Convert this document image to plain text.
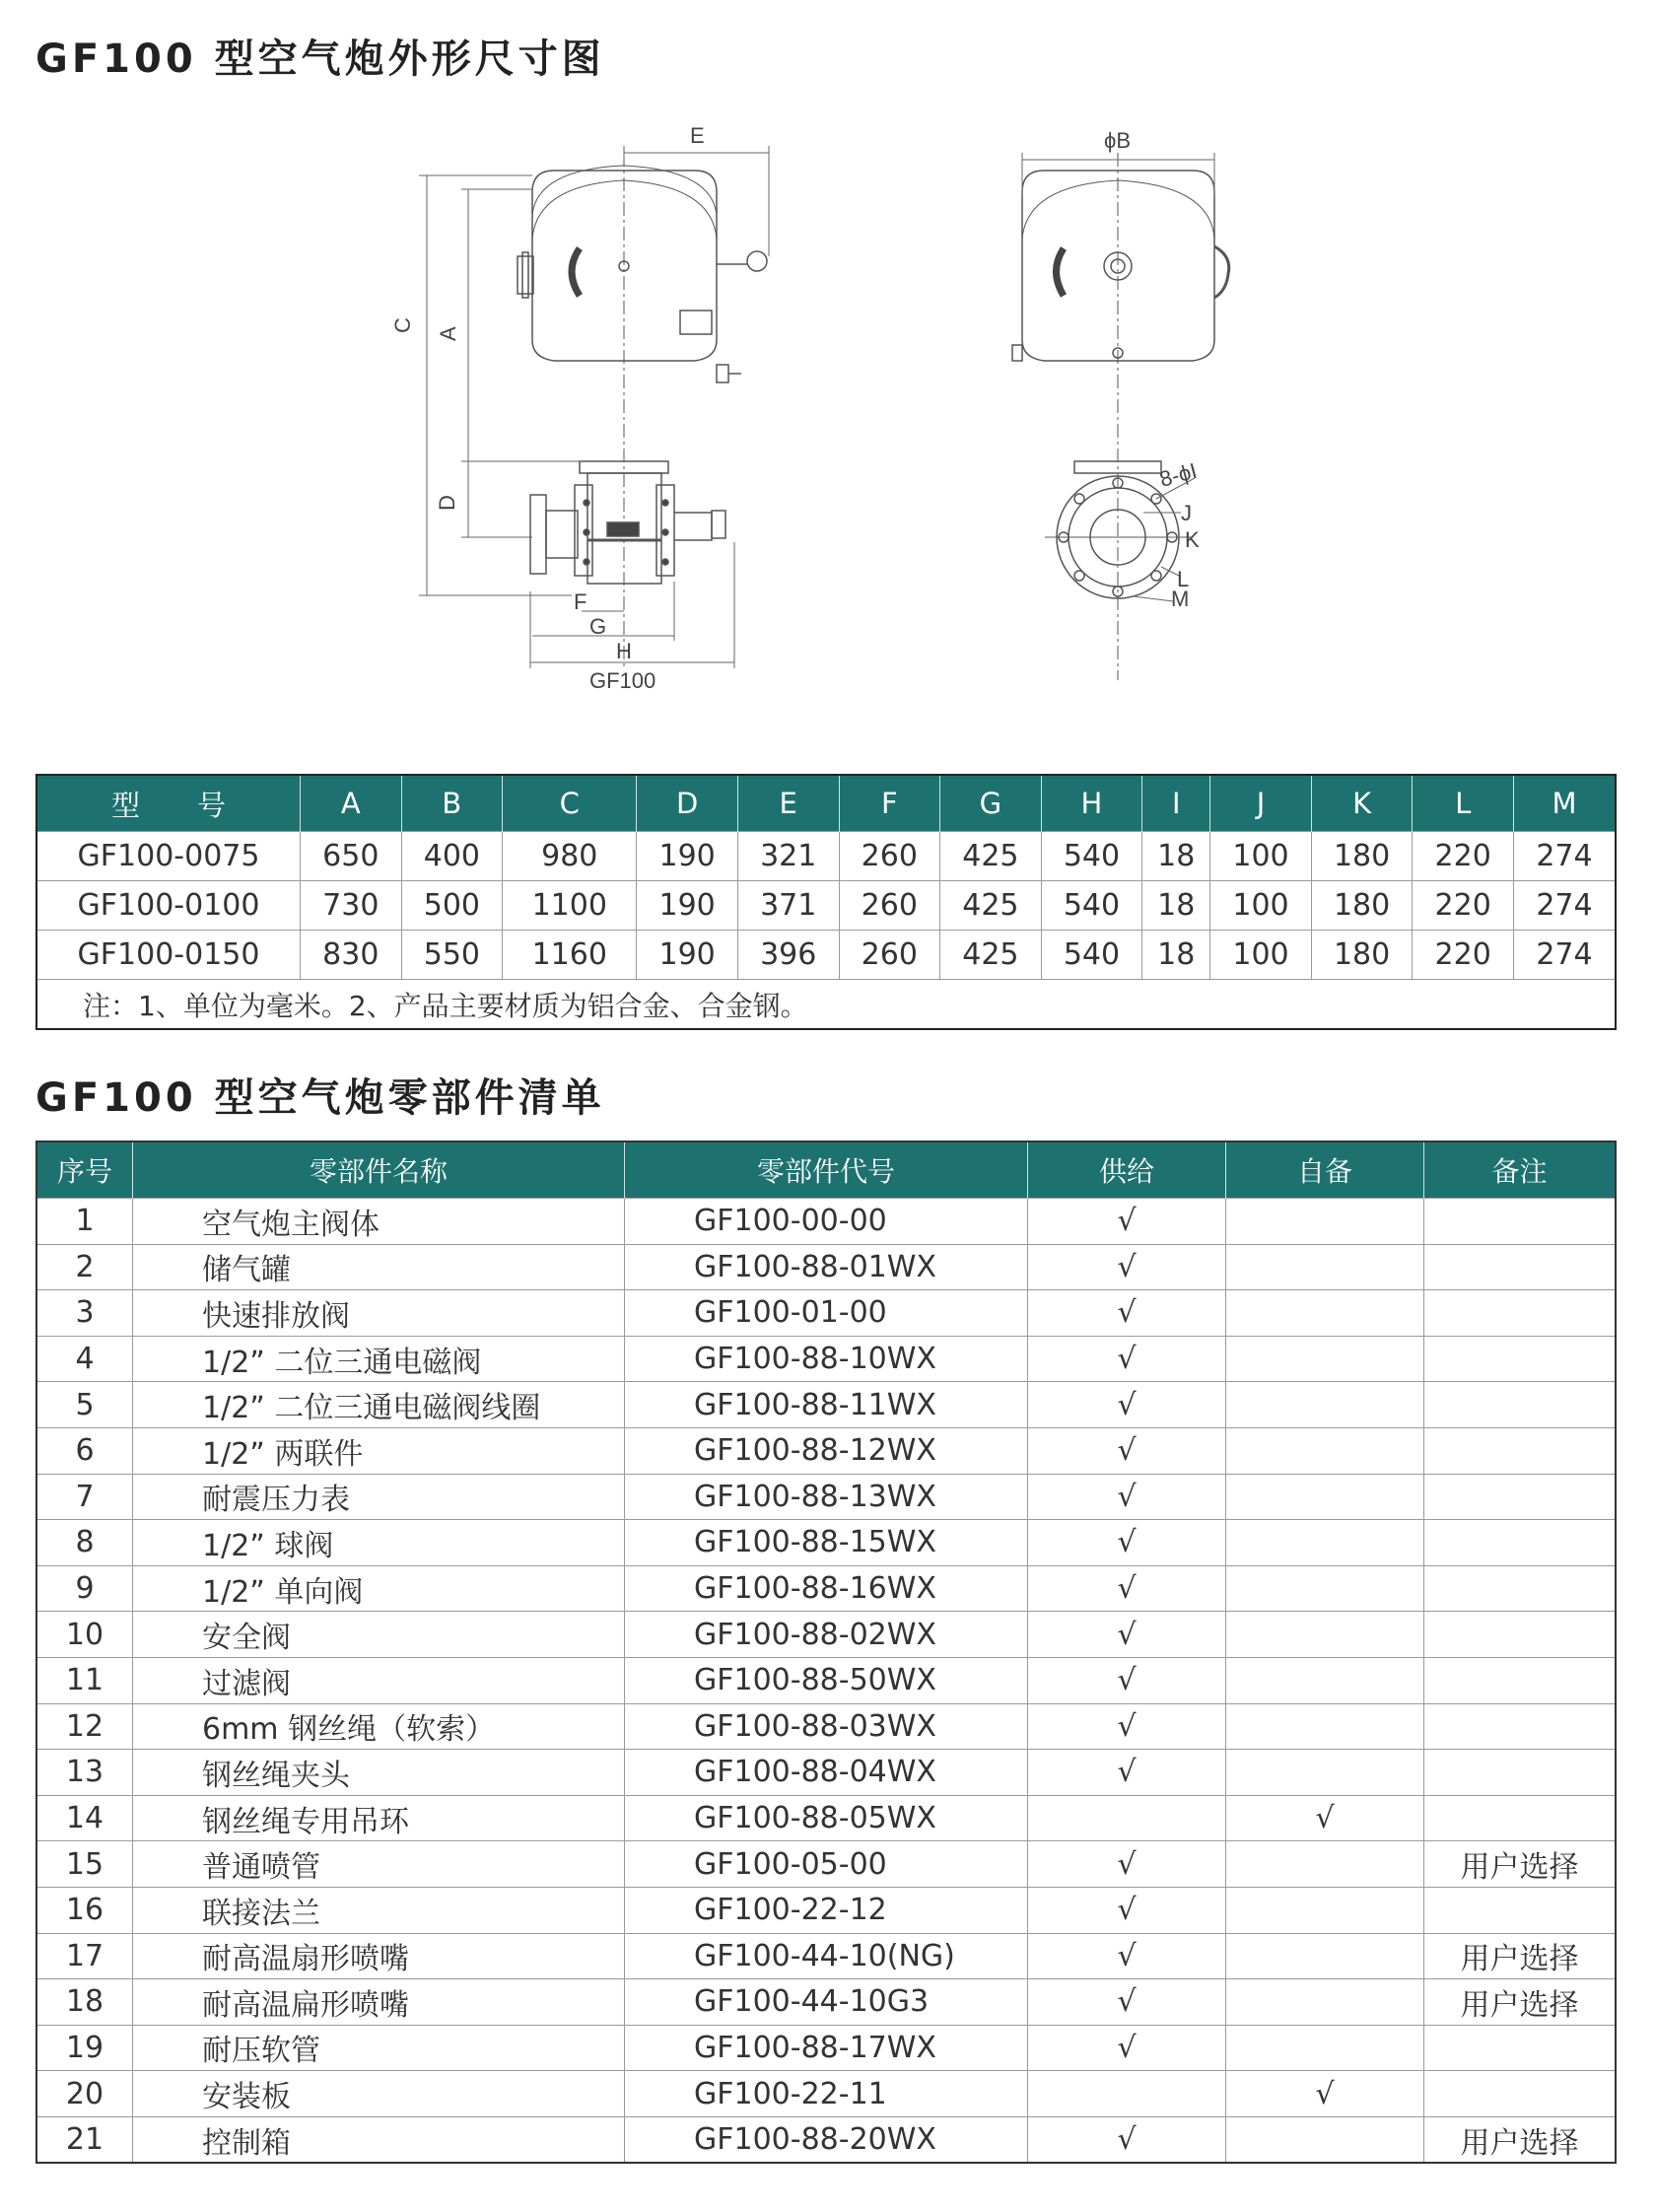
GF100 型空气炮外形尺寸图
E	ϕB
C
A
D
F
G
H
GF100
8-ϕI
J
K
L
M
型　　号	A	B	C	D	E	F	G	H	I	J	K	L	M
GF100-0075	650	400	980	190	321	260	425	540	18	100	180	220	274
GF100-0100	730	500	1100	190	371	260	425	540	18	100	180	220	274
GF100-0150	830	550	1160	190	396	260	425	540	18	100	180	220	274
注：1、单位为毫米。2、产品主要材质为铝合金、合金钢。													
GF100 型空气炮零部件清单
序号	零部件名称	零部件代号	供给	自备	备注
1	空气炮主阀体	GF100-00-00	√		
2	储气罐	GF100-88-01WX	√		
3	快速排放阀	GF100-01-00	√		
4	1/2” 二位三通电磁阀	GF100-88-10WX	√		
5	1/2” 二位三通电磁阀线圈	GF100-88-11WX	√		
6	1/2” 两联件	GF100-88-12WX	√		
7	耐震压力表	GF100-88-13WX	√		
8	1/2” 球阀	GF100-88-15WX	√		
9	1/2” 单向阀	GF100-88-16WX	√		
10	安全阀	GF100-88-02WX	√		
11	过滤阀	GF100-88-50WX	√		
12	6mm 钢丝绳（软索）	GF100-88-03WX	√		
13	钢丝绳夹头	GF100-88-04WX	√		
14	钢丝绳专用吊环	GF100-88-05WX		√	
15	普通喷管	GF100-05-00	√		用户选择
16	联接法兰	GF100-22-12	√		
17	耐高温扇形喷嘴	GF100-44-10(NG)	√		用户选择
18	耐高温扁形喷嘴	GF100-44-10G3	√		用户选择
19	耐压软管	GF100-88-17WX	√		
20	安装板	GF100-22-11		√	
21	控制箱	GF100-88-20WX	√		用户选择
